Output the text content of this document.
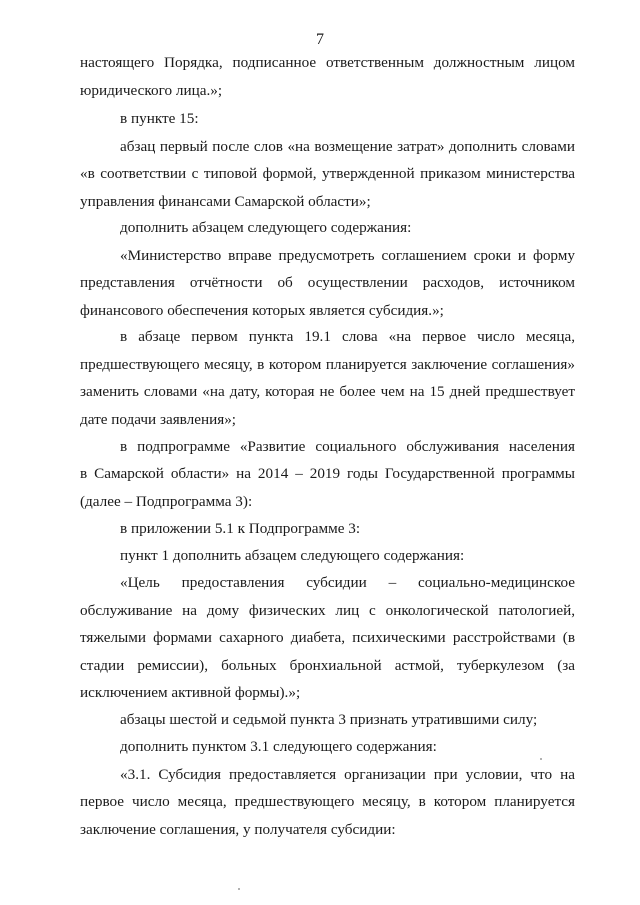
7
настоящего Порядка, подписанное ответственным должностным лицом
юридического лица.»;
в пункте 15:
абзац первый после слов «на возмещение затрат» дополнить словами
«в соответствии с типовой формой, утвержденной приказом министерства
управления финансами Самарской области»;
дополнить абзацем следующего содержания:
«Министерство вправе предусмотреть соглашением сроки и форму
представления отчётности об осуществлении расходов, источником
финансового обеспечения которых является субсидия.»;
в абзаце первом пункта 19.1 слова «на первое число месяца,
предшествующего месяцу, в котором планируется заключение соглашения»
заменить словами «на дату, которая не более чем на 15 дней предшествует
дате подачи заявления»;
в подпрограмме «Развитие социального обслуживания населения
в Самарской области» на 2014 – 2019 годы Государственной программы
(далее – Подпрограмма 3):
в приложении 5.1 к Подпрограмме 3:
пункт 1 дополнить абзацем следующего содержания:
«Цель предоставления субсидии – социально-медицинское
обслуживание на дому физических лиц с онкологической патологией,
тяжелыми формами сахарного диабета, психическими расстройствами (в
стадии ремиссии), больных бронхиальной астмой, туберкулезом (за
исключением активной формы).»;
абзацы шестой и седьмой пункта 3 признать утратившими силу;
дополнить пунктом 3.1 следующего содержания:
«3.1. Субсидия предоставляется организации при условии, что на
первое число месяца, предшествующего месяцу, в котором планируется
заключение соглашения, у получателя субсидии:
